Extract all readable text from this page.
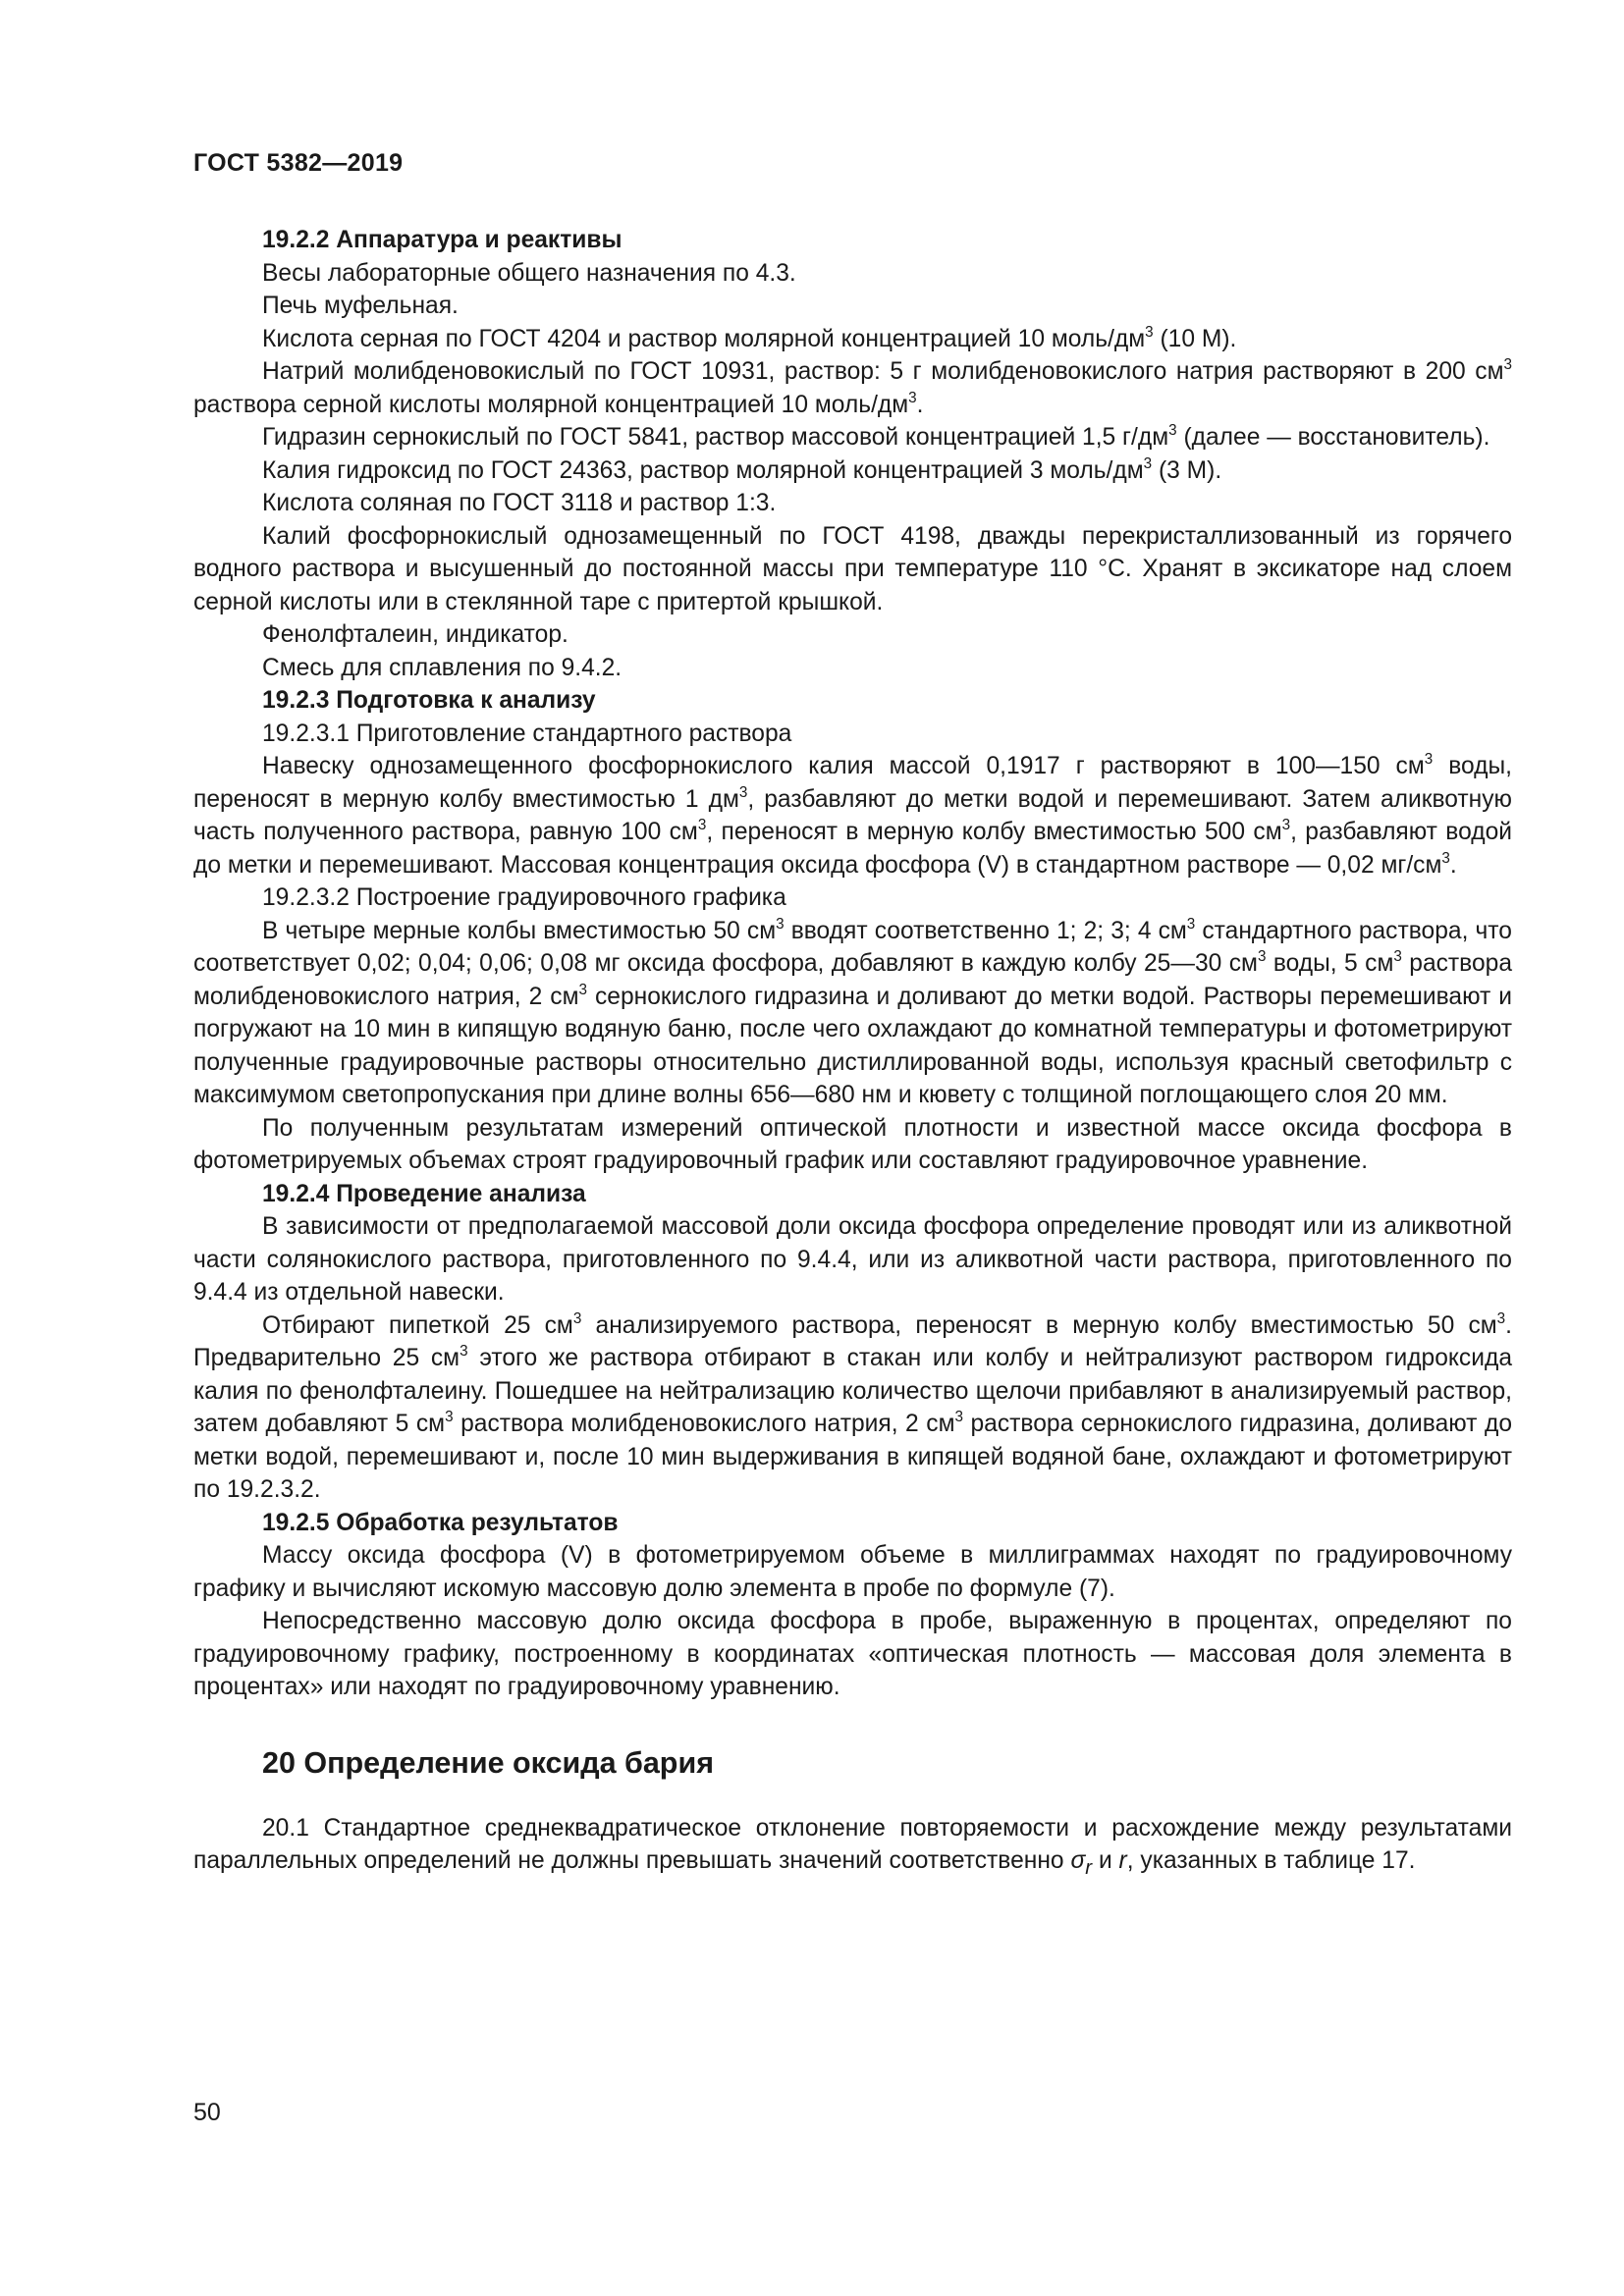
ГОСТ 5382—2019

19.2.2 Аппаратура и реактивы

Весы лабораторные общего назначения по 4.3.

Печь муфельная.

Кислота серная по ГОСТ 4204 и раствор молярной концентрацией 10 моль/$дм^3$ (10 М).

Натрий молибденовокислый по ГОСТ 10931, раствор: 5 г молибденовокислого натрия растворяют в 200 $см^3$ раствора серной кислоты молярной концентрацией 10 моль/$дм^3$.

Гидразин сернокислый по ГОСТ 5841, раствор массовой концентрацией 1,5 $г/дм^3$ (далее — восстановитель).

Калия гидроксид по ГОСТ 24363, раствор молярной концентрацией 3 моль/$дм^3$ (3 М).

Кислота соляная по ГОСТ 3118 и раствор 1:3.

Калий фосфорнокислый однозамещенный по ГОСТ 4198, дважды перекристаллизованный из горячего водного раствора и высушенный до постоянной массы при температуре 110 °С. Хранят в эксикаторе над слоем серной кислоты или в стеклянной таре с притертой крышкой.

Фенолфталеин, индикатор.

Смесь для сплавления по 9.4.2.

19.2.3 Подготовка к анализу

19.2.3.1 Приготовление стандартного раствора

Навеску однозамещенного фосфорнокислого калия массой 0,1917 г растворяют в 100—150 $см^3$ воды, переносят в мерную колбу вместимостью 1 $дм^3$, разбавляют до метки водой и перемешивают. Затем аликвотную часть полученного раствора, равную 100 $см^3$, переносят в мерную колбу вместимостью 500 $см^3$, разбавляют водой до метки и перемешивают. Массовая концентрация оксида фосфора (V) в стандартном растворе — 0,02 $мг/см^3$.

19.2.3.2 Построение градуировочного графика

В четыре мерные колбы вместимостью 50 $см^3$ вводят соответственно 1; 2; 3; 4 $см^3$ стандартного раствора, что соответствует 0,02; 0,04; 0,06; 0,08 мг оксида фосфора, добавляют в каждую колбу 25—30 $см^3$ воды, 5 $см^3$ раствора молибденовокислого натрия, 2 $см^3$ сернокислого гидразина и доливают до метки водой. Растворы перемешивают и погружают на 10 мин в кипящую водяную баню, после чего охлаждают до комнатной температуры и фотометрируют полученные градуировочные растворы относительно дистиллированной воды, используя красный светофильтр с максимумом светопропускания при длине волны 656—680 нм и кювету с толщиной поглощающего слоя 20 мм.

По полученным результатам измерений оптической плотности и известной массе оксида фосфора в фотометрируемых объемах строят градуировочный график или составляют градуировочное уравнение.

19.2.4 Проведение анализа

В зависимости от предполагаемой массовой доли оксида фосфора определение проводят или из аликвотной части солянокислого раствора, приготовленного по 9.4.4, или из аликвотной части раствора, приготовленного по 9.4.4 из отдельной навески.

Отбирают пипеткой 25 $см^3$ анализируемого раствора, переносят в мерную колбу вместимостью 50 $см^3$. Предварительно 25 $см^3$ этого же раствора отбирают в стакан или колбу и нейтрализуют раствором гидроксида калия по фенолфталеину. Пошедшее на нейтрализацию количество щелочи прибавляют в анализируемый раствор, затем добавляют 5 $см^3$ раствора молибденовокислого натрия, 2 $см^3$ раствора сернокислого гидразина, доливают до метки водой, перемешивают и, после 10 мин выдерживания в кипящей водяной бане, охлаждают и фотометрируют по 19.2.3.2.

19.2.5 Обработка результатов

Массу оксида фосфора (V) в фотометрируемом объеме в миллиграммах находят по градуировочному графику и вычисляют искомую массовую долю элемента в пробе по формуле (7).

Непосредственно массовую долю оксида фосфора в пробе, выраженную в процентах, определяют по градуировочному графику, построенному в координатах «оптическая плотность — массовая доля элемента в процентах» или находят по градуировочному уравнению.

20 Определение оксида бария

20.1 Стандартное среднеквадратическое отклонение повторяемости и расхождение между результатами параллельных определений не должны превышать значений соответственно $\sigma_r$ и r, указанных в таблице 17.

50
